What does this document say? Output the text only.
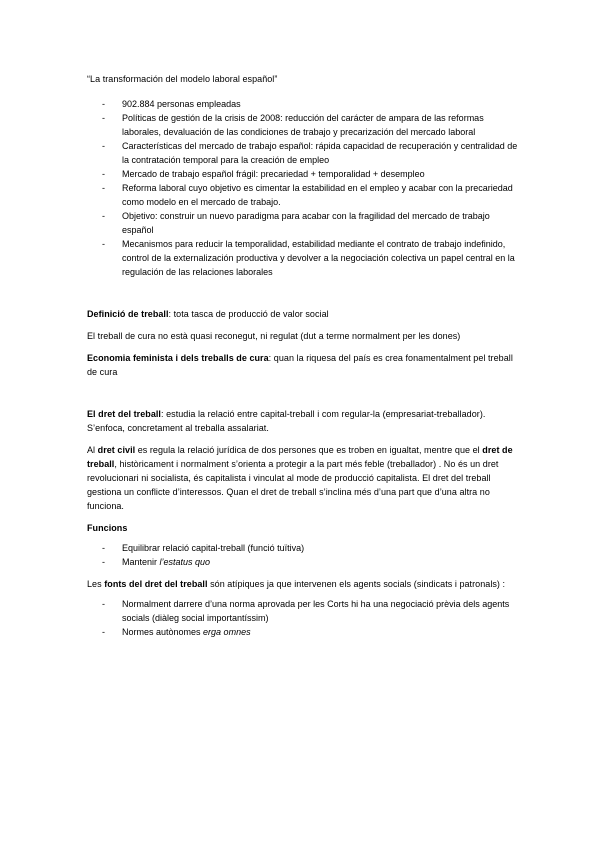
“La transformación del modelo laboral español”

- 902.884 personas empleadas
- Políticas de gestión de la crisis de 2008: reducción del carácter de ampara de las reformas laborales, devaluación de las condiciones de trabajo y precarización del mercado laboral
- Características del mercado de trabajo español: rápida capacidad de recuperación y centralidad de la contratación temporal para la creación de empleo
- Mercado de trabajo español frágil: precariedad + temporalidad + desempleo
- Reforma laboral cuyo objetivo es cimentar la estabilidad en el empleo y acabar con la precariedad como modelo en el mercado de trabajo.
- Objetivo: construir un nuevo paradigma para acabar con la fragilidad del mercado de trabajo español
- Mecanismos para reducir la temporalidad, estabilidad mediante el contrato de trabajo indefinido, control de la externalización productiva y devolver a la negociación colectiva un papel central en la regulación de las relaciones laborales

Definició de treball: tota tasca de producció de valor social

El treball de cura no està quasi reconegut, ni regulat (dut a terme normalment per les dones)

Economia feminista i dels treballs de cura: quan la riquesa del país es crea fonamentalment pel treball de cura

El dret del treball: estudia la relació entre capital-treball i com regular-la (empresariat-treballador). S’enfoca, concretament al treballa assalariat.

Al dret civil es regula la relació jurídica de dos persones que es troben en igualtat, mentre que el dret de treball, històricament i normalment s’orienta a protegir a la part més feble (treballador) . No és un dret revolucionari ni socialista, és capitalista i vinculat al mode de producció capitalista. El dret del treball gestiona un conflicte d’interessos. Quan el dret de treball s’inclina més d’una part que d’una altra no funciona.

Funcions

- Equilibrar relació capital-treball (funció tuïtiva)
- Mantenir l’estatus quo

Les fonts del dret del treball són atípiques ja que intervenen els agents socials (sindicats i patronals) :

- Normalment darrere d’una norma aprovada per les Corts hi ha una negociació prèvia dels agents socials (diàleg social importantíssim)
- Normes autònomes erga omnes
